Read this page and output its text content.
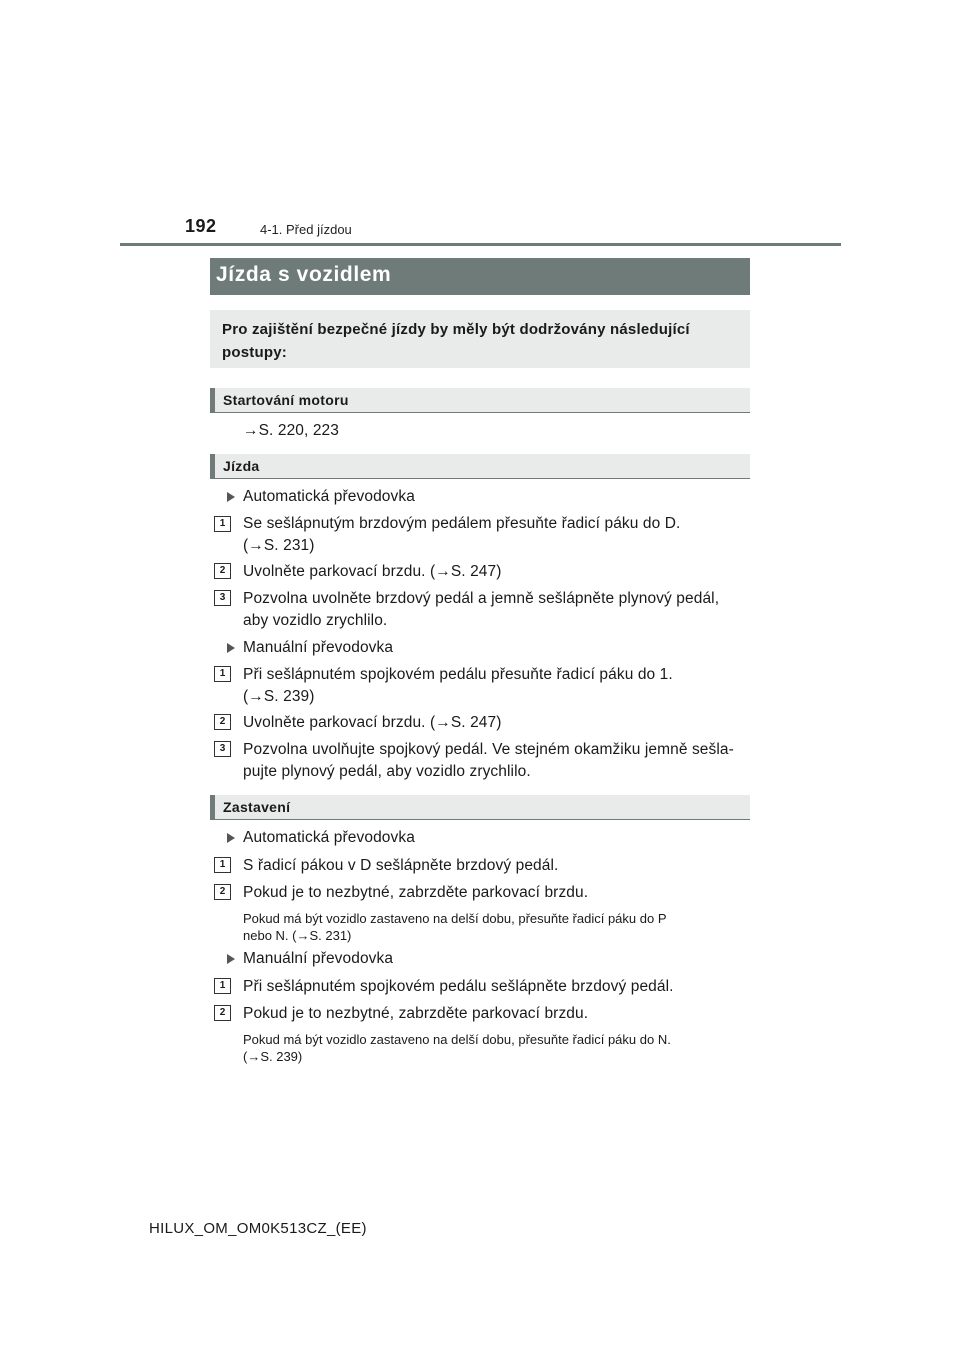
192	4-1. Před jízdou
Jízda s vozidlem
Pro zajištění bezpečné jízdy by měly být dodržovány následující postupy:
Startování motoru
→S. 220, 223
Jízda
Automatická převodovka
1	Se sešlápnutým brzdovým pedálem přesuňte řadicí páku do D.
(→S. 231)
2	Uvolněte parkovací brzdu. (→S. 247)
3	Pozvolna uvolněte brzdový pedál a jemně sešlápněte plynový pedál,
aby vozidlo zrychlilo.
Manuální převodovka
1	Při sešlápnutém spojkovém pedálu přesuňte řadicí páku do 1.
(→S. 239)
2	Uvolněte parkovací brzdu. (→S. 247)
3	Pozvolna uvolňujte spojkový pedál. Ve stejném okamžiku jemně sešla-
pujte plynový pedál, aby vozidlo zrychlilo.
Zastavení
Automatická převodovka
1	S řadicí pákou v D sešlápněte brzdový pedál.
2	Pokud je to nezbytné, zabrzděte parkovací brzdu.
Pokud má být vozidlo zastaveno na delší dobu, přesuňte řadicí páku do P
nebo N. (→S. 231)
Manuální převodovka
1	Při sešlápnutém spojkovém pedálu sešlápněte brzdový pedál.
2	Pokud je to nezbytné, zabrzděte parkovací brzdu.
Pokud má být vozidlo zastaveno na delší dobu, přesuňte řadicí páku do N.
(→S. 239)
HILUX_OM_OM0K513CZ_(EE)
